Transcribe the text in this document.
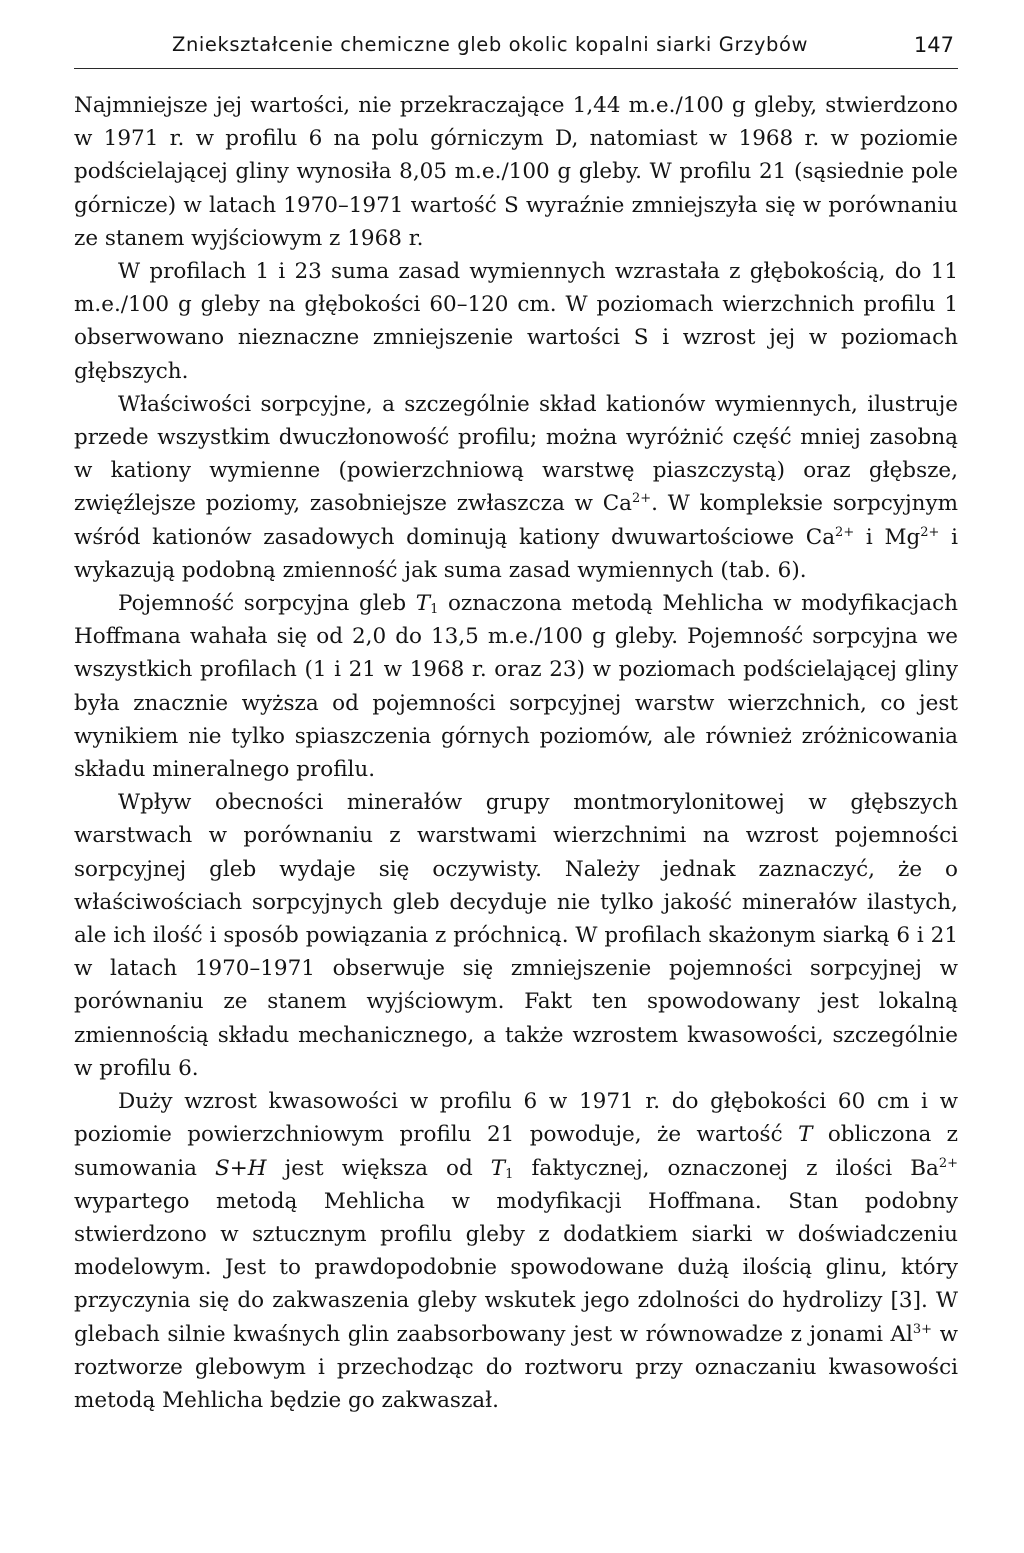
Zniekształcenie chemiczne gleb okolic kopalni siarki Grzybów	147

Najmniejsze jej wartości, nie przekraczające 1,44 m.e./100 g gleby, stwierdzono w 1971 r. w profilu 6 na polu górniczym D, natomiast w 1968 r. w poziomie podścielającej gliny wynosiła 8,05 m.e./100 g gleby. W profilu 21 (sąsiednie pole górnicze) w latach 1970–1971 wartość S wyraźnie zmniejszyła się w porównaniu ze stanem wyjściowym z 1968 r.

W profilach 1 i 23 suma zasad wymiennych wzrastała z głębokością, do 11 m.e./100 g gleby na głębokości 60–120 cm. W poziomach wierzchnich profilu 1 obserwowano nieznaczne zmniejszenie wartości S i wzrost jej w poziomach głębszych.

Właściwości sorpcyjne, a szczególnie skład kationów wymiennych, ilustruje przede wszystkim dwuczłonowość profilu; można wyróżnić część mniej zasobną w kationy wymienne (powierzchniową warstwę piaszczystą) oraz głębsze, zwięźlejsze poziomy, zasobniejsze zwłaszcza w $Ca^{2+}$. W kompleksie sorpcyjnym wśród kationów zasadowych dominują kationy dwuwartościowe $Ca^{2+}$ i $Mg^{2+}$ i wykazują podobną zmienność jak suma zasad wymiennych (tab. 6).

Pojemność sorpcyjna gleb $T_1$ oznaczona metodą Mehlicha w modyfikacjach Hoffmana wahała się od 2,0 do 13,5 m.e./100 g gleby. Pojemność sorpcyjna we wszystkich profilach (1 i 21 w 1968 r. oraz 23) w poziomach podścielającej gliny była znacznie wyższa od pojemności sorpcyjnej warstw wierzchnich, co jest wynikiem nie tylko spiaszczenia górnych poziomów, ale również zróżnicowania składu mineralnego profilu.

Wpływ obecności minerałów grupy montmorylonitowej w głębszych warstwach w porównaniu z warstwami wierzchnimi na wzrost pojemności sorpcyjnej gleb wydaje się oczywisty. Należy jednak zaznaczyć, że o właściwościach sorpcyjnych gleb decyduje nie tylko jakość minerałów ilastych, ale ich ilość i sposób powiązania z próchnicą. W profilach skażonym siarką 6 i 21 w latach 1970–1971 obserwuje się zmniejszenie pojemności sorpcyjnej w porównaniu ze stanem wyjściowym. Fakt ten spowodowany jest lokalną zmiennością składu mechanicznego, a także wzrostem kwasowości, szczególnie w profilu 6.

Duży wzrost kwasowości w profilu 6 w 1971 r. do głębokości 60 cm i w poziomie powierzchniowym profilu 21 powoduje, że wartość T obliczona z sumowania S+H jest większa od $T_1$ faktycznej, oznaczonej z ilości $Ba^{2+}$ wypartego metodą Mehlicha w modyfikacji Hoffmana. Stan podobny stwierdzono w sztucznym profilu gleby z dodatkiem siarki w doświadczeniu modelowym. Jest to prawdopodobnie spowodowane dużą ilością glinu, który przyczynia się do zakwaszenia gleby wskutek jego zdolności do hydrolizy [3]. W glebach silnie kwaśnych glin zaabsorbowany jest w równowadze z jonami $Al^{3+}$ w roztworze glebowym i przechodząc do roztworu przy oznaczaniu kwasowości metodą Mehlicha będzie go zakwaszał.
